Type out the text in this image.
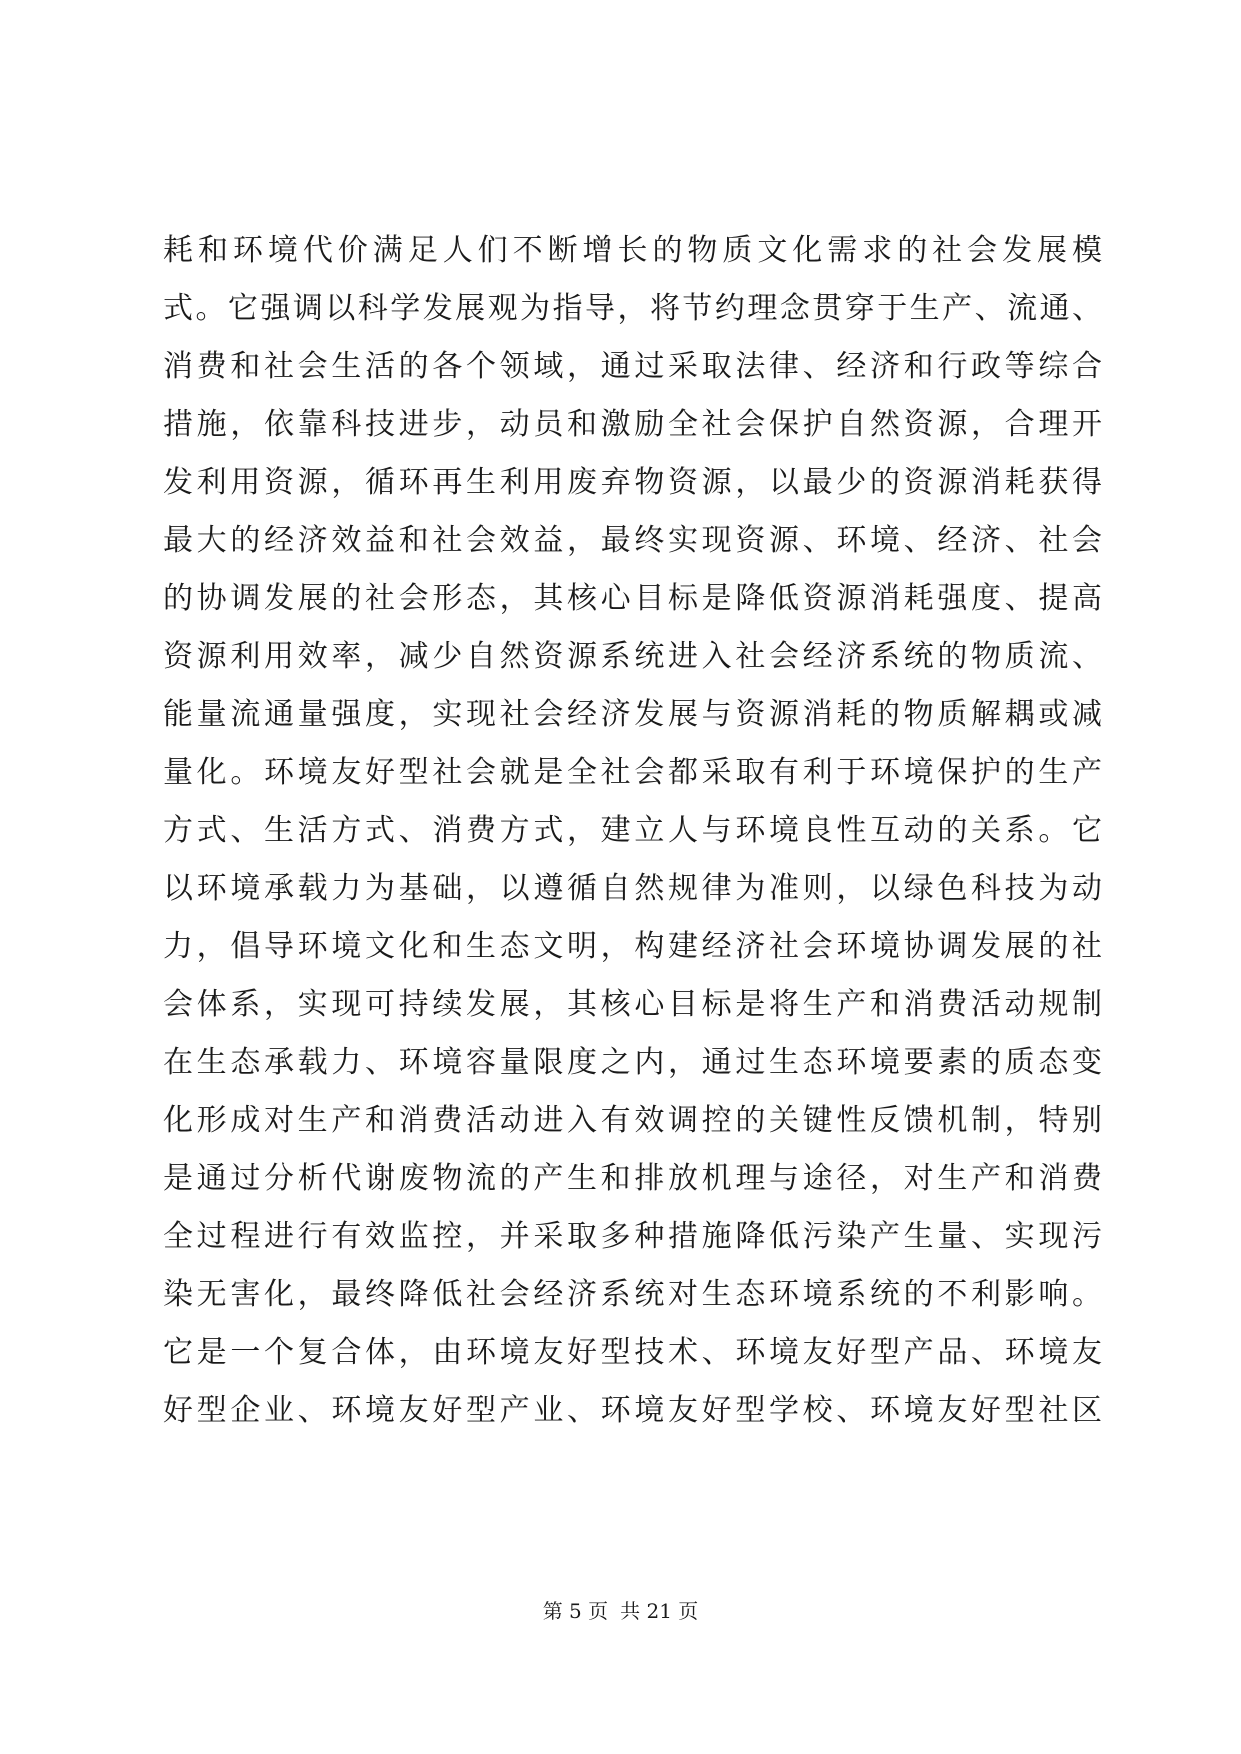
耗和环境代价满足人们不断增长的物质文化需求的社会发展模
式。它强调以科学发展观为指导，将节约理念贯穿于生产、流通、
消费和社会生活的各个领域，通过采取法律、经济和行政等综合
措施，依靠科技进步，动员和激励全社会保护自然资源，合理开
发利用资源，循环再生利用废弃物资源，以最少的资源消耗获得
最大的经济效益和社会效益，最终实现资源、环境、经济、社会
的协调发展的社会形态，其核心目标是降低资源消耗强度、提高
资源利用效率，减少自然资源系统进入社会经济系统的物质流、
能量流通量强度，实现社会经济发展与资源消耗的物质解耦或减
量化。环境友好型社会就是全社会都采取有利于环境保护的生产
方式、生活方式、消费方式，建立人与环境良性互动的关系。它
以环境承载力为基础，以遵循自然规律为准则，以绿色科技为动
力，倡导环境文化和生态文明，构建经济社会环境协调发展的社
会体系，实现可持续发展，其核心目标是将生产和消费活动规制
在生态承载力、环境容量限度之内，通过生态环境要素的质态变
化形成对生产和消费活动进入有效调控的关键性反馈机制，特别
是通过分析代谢废物流的产生和排放机理与途径，对生产和消费
全过程进行有效监控，并采取多种措施降低污染产生量、实现污
染无害化，最终降低社会经济系统对生态环境系统的不利影响。
它是一个复合体，由环境友好型技术、环境友好型产品、环境友
好型企业、环境友好型产业、环境友好型学校、环境友好型社区
第 5 页 共 21 页
